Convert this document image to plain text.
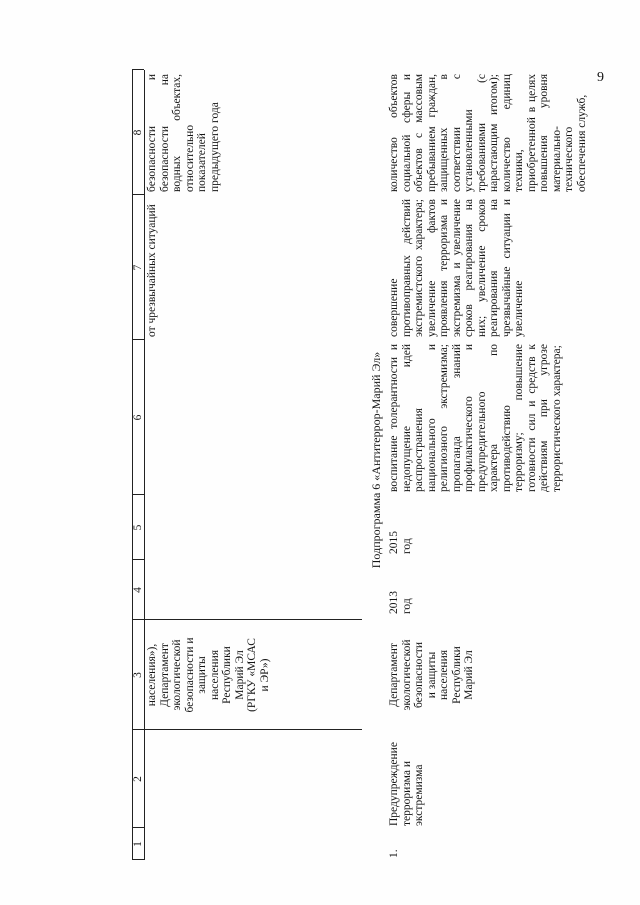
9
1
2
3
4
5
6
7
8
населения»),
Департамент
экологической
безопасности и
защиты
населения
Республики
Марий Эл
(РГКУ «МСАС
и ЭР»)
от чрезвычайных ситуаций
безопасности и безопасности на водных объектах, относительно показателей предыдущего года
Подпрограмма 6 «Антитеррор-Марий Эл»
1.
Предупреждение терроризма и экстремизма
Департамент
экологической
безопасности
и защиты
населения
Республики
Марий Эл
2013
год
2015
год
воспитание толерантности и недопущение идей распространения национального и религиозного экстремизма; пропаганда знаний профилактического и предупредительного характера по противодействию терроризму; повышение готовности сил и средств к действиям при угрозе террористического характера;
совершение противоправных действий экстремистского характера; увеличение фактов проявления терроризма и экстремизма и увеличение сроков реагирования на них; увеличение сроков реагирования на чрезвычайные ситуации и увеличение
количество объектов социальной сферы и объектов с массовым пребыванием граждан, защищенных в соответствии с установленными требованиями (с нарастающим итогом); количество единиц техники, приобретенной в целях повышения уровня материально-технического обеспечения служб,
